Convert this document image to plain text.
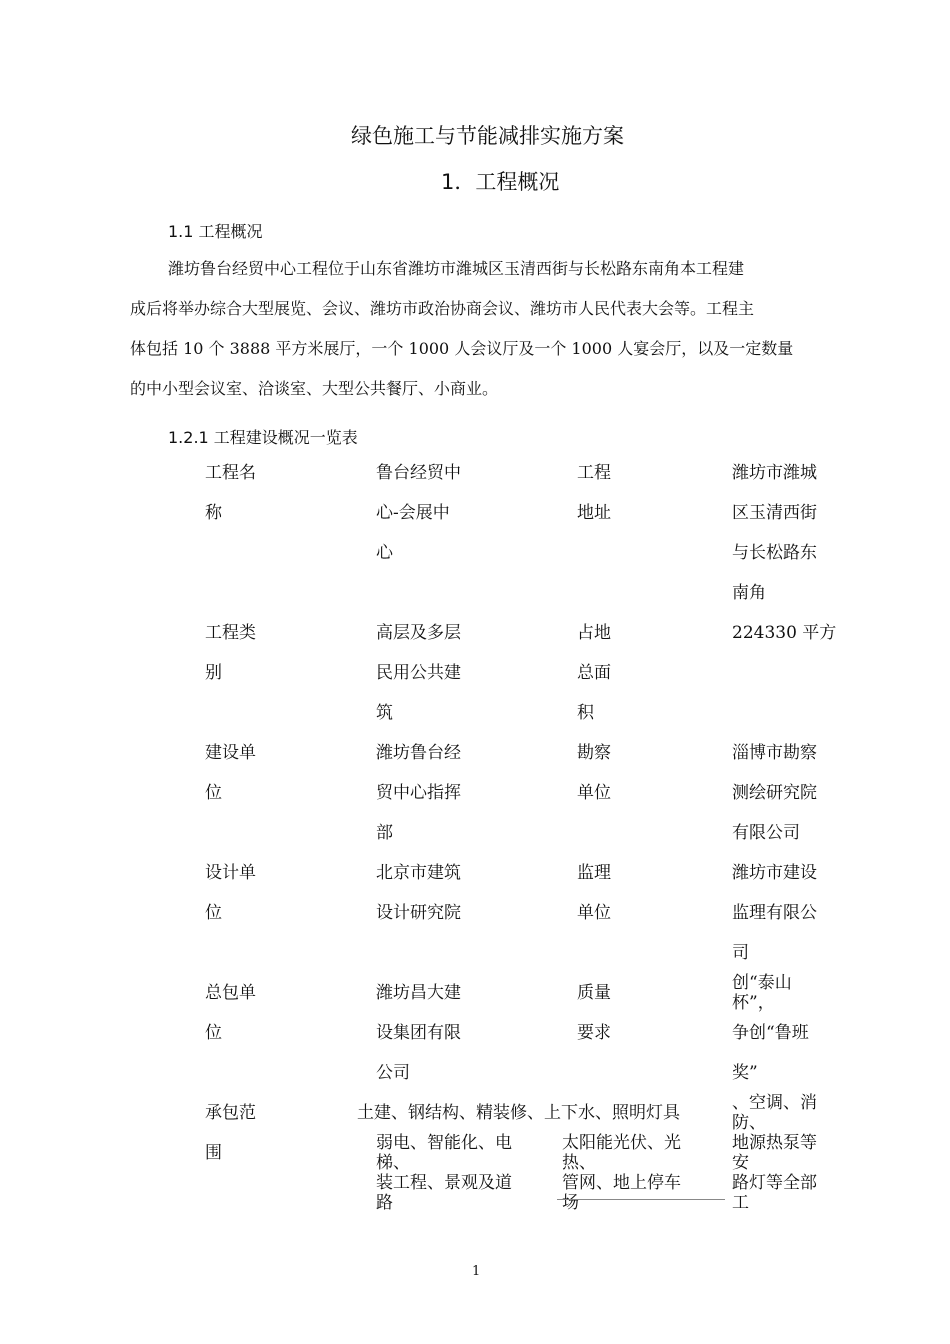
绿色施工与节能减排实施方案
1．工程概况
1.1 工程概况
潍坊鲁台经贸中心工程位于山东省潍坊市潍城区玉清西街与长松路东南角本工程建
成后将举办综合大型展览、会议、潍坊市政治协商会议、潍坊市人民代表大会等。工程主
体包括 10 个 3888 平方米展厅，一个 1000 人会议厅及一个 1000 人宴会厅，以及一定数量
的中小型会议室、洽谈室、大型公共餐厅、小商业。
1.2.1 工程建设概况一览表
工程名
称
鲁台经贸中
心-会展中
心
工程
地址
潍坊市潍城
区玉清西街
与长松路东
南角
工程类
别
高层及多层
民用公共建
筑
占地
总面
积
224330 平方
建设单
位
潍坊鲁台经
贸中心指挥
部
勘察
单位
淄博市勘察
测绘研究院
有限公司
设计单
位
北京市建筑
设计研究院
监理
单位
潍坊市建设
监理有限公
司
总包单
位
潍坊昌大建
设集团有限
公司
质量
要求
创“泰山
杯”，
争创“鲁班
奖”
承包范
围
土建、钢结构、精装修、上下水、照明灯具	、空调、消
防、
弱电、智能化、电
梯、
装工程、景观及道
路
太阳能光伏、光
热、
管网、地上停车
场
地源热泵等
安
路灯等全部
工
1
